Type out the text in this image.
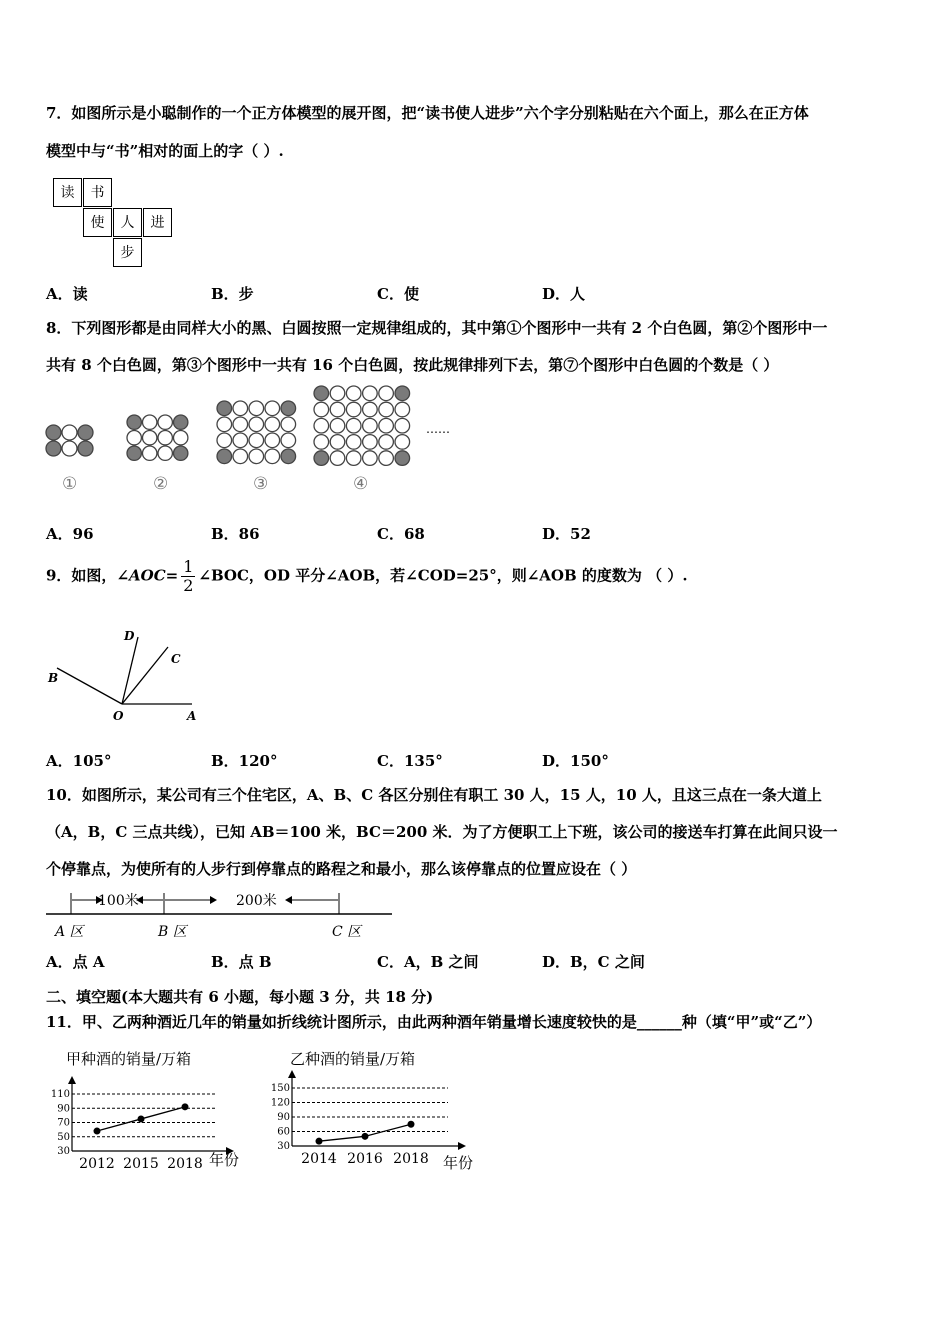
7．如图所示是小聪制作的一个正方体模型的展开图，把“读书使人进步”六个字分别粘贴在六个面上，那么在正方体
模型中与“书”相对的面上的字（ ）.
读	书
使	人	进
步
A．读	B．步	C．使	D．人
8．下列图形都是由同样大小的黑、白圆按照一定规律组成的，其中第①个图形中一共有 2 个白色圆，第②个图形中一
共有 8 个白色圆，第③个图形中一共有 16 个白色圆，按此规律排列下去，第⑦个图形中白色圆的个数是（ ）
……
①	②	③	④
A．96	B．86	C．68	D．52
9．如图，∠AOC= $\frac{1}{2}$ ∠BOC，OD 平分∠AOB，若∠COD=25°，则∠AOB 的度数为 （ ）.
D
C
B
O	A
A．105°	B．120°	C．135°	D．150°
10．如图所示，某公司有三个住宅区，A、B、C 各区分别住有职工 30 人，15 人，10 人，且这三点在一条大道上
（A，B，C 三点共线），已知 AB＝100 米，BC＝200 米．为了方便职工上下班，该公司的接送车打算在此间只设一
个停靠点，为使所有的人步行到停靠点的路程之和最小，那么该停靠点的位置应设在（ ）
100米	200米
A 区	B 区	C 区
A．点 A	B．点 B	C．A，B 之间	D．B，C 之间
二、填空题(本大题共有 6 小题，每小题 3 分，共 18 分)
11．甲、乙两种酒近几年的销量如折线统计图所示，由此两种酒年销量增长速度较快的是______种（填“甲”或“乙”）
甲种酒的销量/万箱
30
50
70
90
110
2012 2015 2018 年份
乙种酒的销量/万箱
30
60
90
120
150
2014 2016 2018 年份
